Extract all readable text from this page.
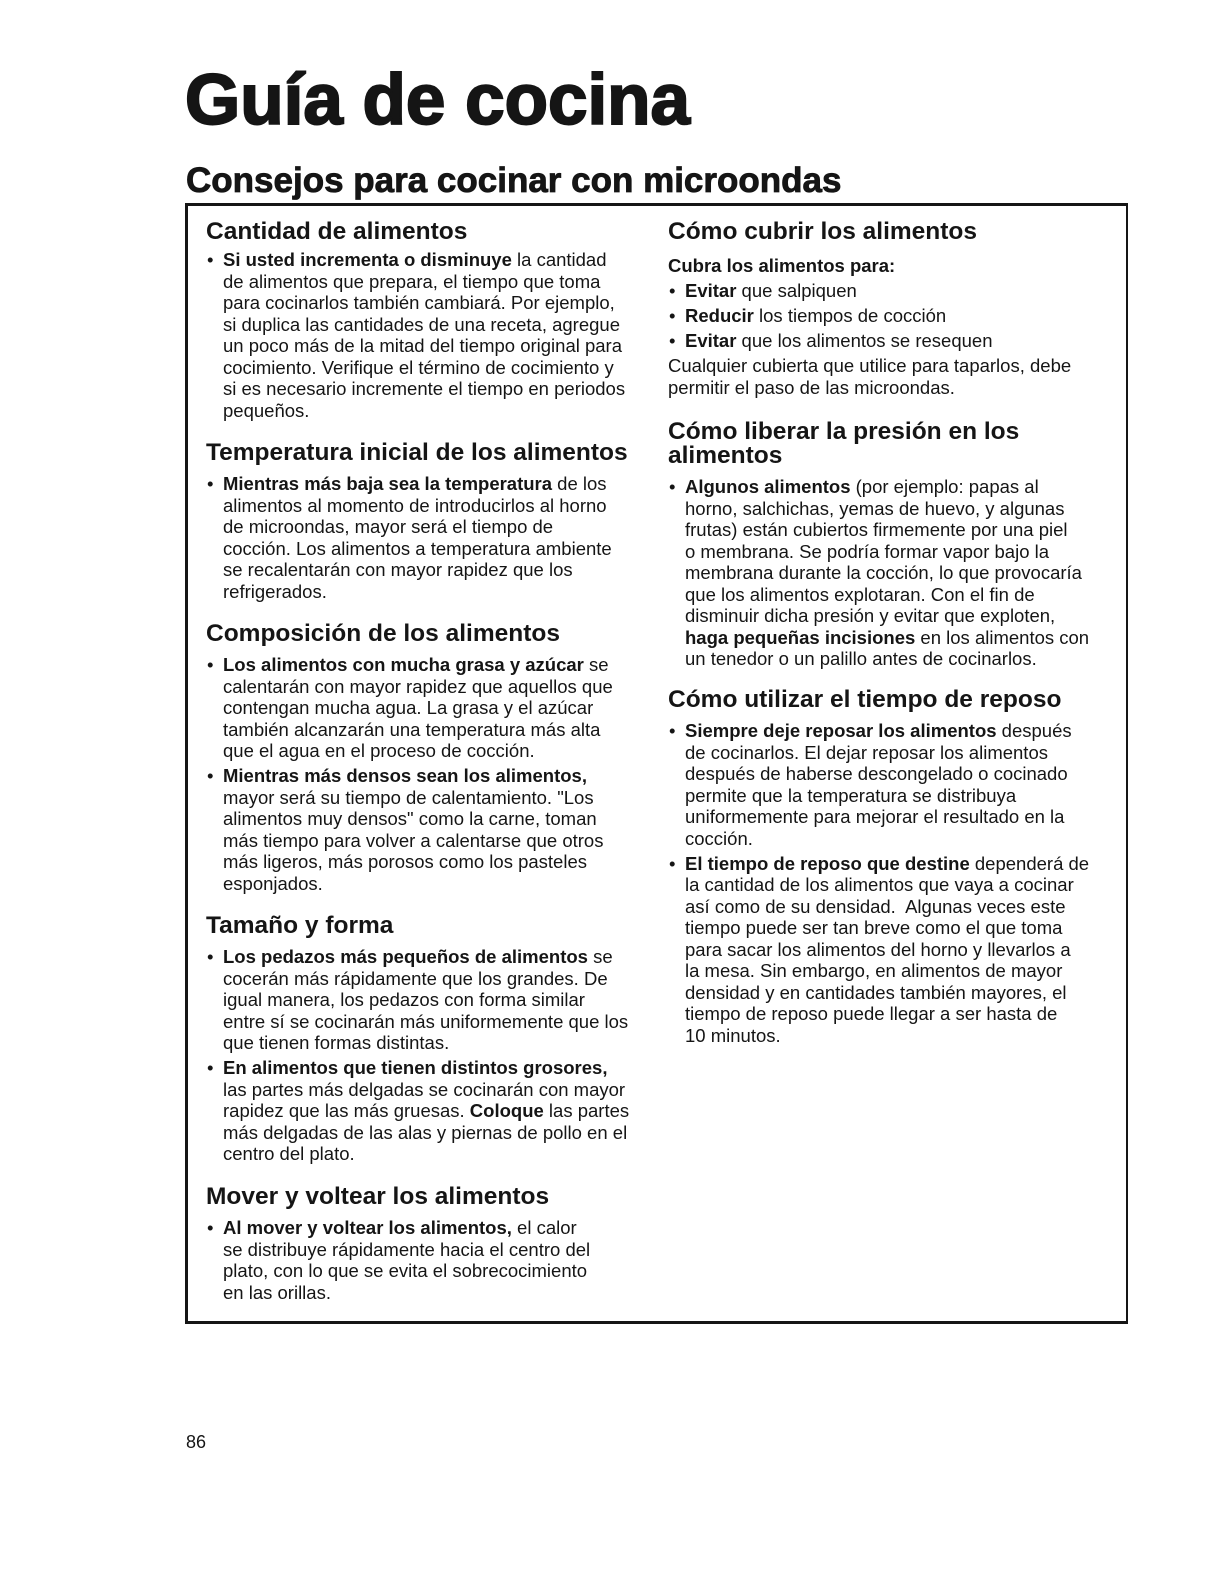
Guía de cocina
Consejos para cocinar con microondas
Cantidad de alimentos
•
Si usted incrementa o disminuye la cantidad
de alimentos que prepara, el tiempo que toma
para cocinarlos también cambiará. Por ejemplo,
si duplica las cantidades de una receta, agregue
un poco más de la mitad del tiempo original para
cocimiento. Verifique el término de cocimiento y
si es necesario incremente el tiempo en periodos
pequeños.
Temperatura inicial de los alimentos
•
Mientras más baja sea la temperatura de los
alimentos al momento de introducirlos al horno
de microondas, mayor será el tiempo de
cocción. Los alimentos a temperatura ambiente
se recalentarán con mayor rapidez que los
refrigerados.
Composición de los alimentos
•
Los alimentos con mucha grasa y azúcar se
calentarán con mayor rapidez que aquellos que
contengan mucha agua. La grasa y el azúcar
también alcanzarán una temperatura más alta
que el agua en el proceso de cocción.
•
Mientras más densos sean los alimentos,
mayor será su tiempo de calentamiento. "Los
alimentos muy densos" como la carne, toman
más tiempo para volver a calentarse que otros
más ligeros, más porosos como los pasteles
esponjados.
Tamaño y forma
•
Los pedazos más pequeños de alimentos se
cocerán más rápidamente que los grandes. De
igual manera, los pedazos con forma similar
entre sí se cocinarán más uniformemente que los
que tienen formas distintas.
•
En alimentos que tienen distintos grosores,
las partes más delgadas se cocinarán con mayor
rapidez que las más gruesas. Coloque las partes
más delgadas de las alas y piernas de pollo en el
centro del plato.
Mover y voltear los alimentos
•
Al mover y voltear los alimentos, el calor
se distribuye rápidamente hacia el centro del
plato, con lo que se evita el sobrecocimiento
en las orillas.
Cómo cubrir los alimentos
Cubra los alimentos para:
•
Evitar que salpiquen
•
Reducir los tiempos de cocción
•
Evitar que los alimentos se resequen
Cualquier cubierta que utilice para taparlos, debe
permitir el paso de las microondas.
Cómo liberar la presión en los
alimentos
•
Algunos alimentos (por ejemplo: papas al
horno, salchichas, yemas de huevo, y algunas
frutas) están cubiertos firmemente por una piel
o membrana. Se podría formar vapor bajo la
membrana durante la cocción, lo que provocaría
que los alimentos explotaran. Con el fin de
disminuir dicha presión y evitar que exploten,
haga pequeñas incisiones en los alimentos con
un tenedor o un palillo antes de cocinarlos.
Cómo utilizar el tiempo de reposo
•
Siempre deje reposar los alimentos después
de cocinarlos. El dejar reposar los alimentos
después de haberse descongelado o cocinado
permite que la temperatura se distribuya
uniformemente para mejorar el resultado en la
cocción.
•
El tiempo de reposo que destine dependerá de
la cantidad de los alimentos que vaya a cocinar
así como de su densidad.  Algunas veces este
tiempo puede ser tan breve como el que toma
para sacar los alimentos del horno y llevarlos a
la mesa. Sin embargo, en alimentos de mayor
densidad y en cantidades también mayores, el
tiempo de reposo puede llegar a ser hasta de
10 minutos.
86
